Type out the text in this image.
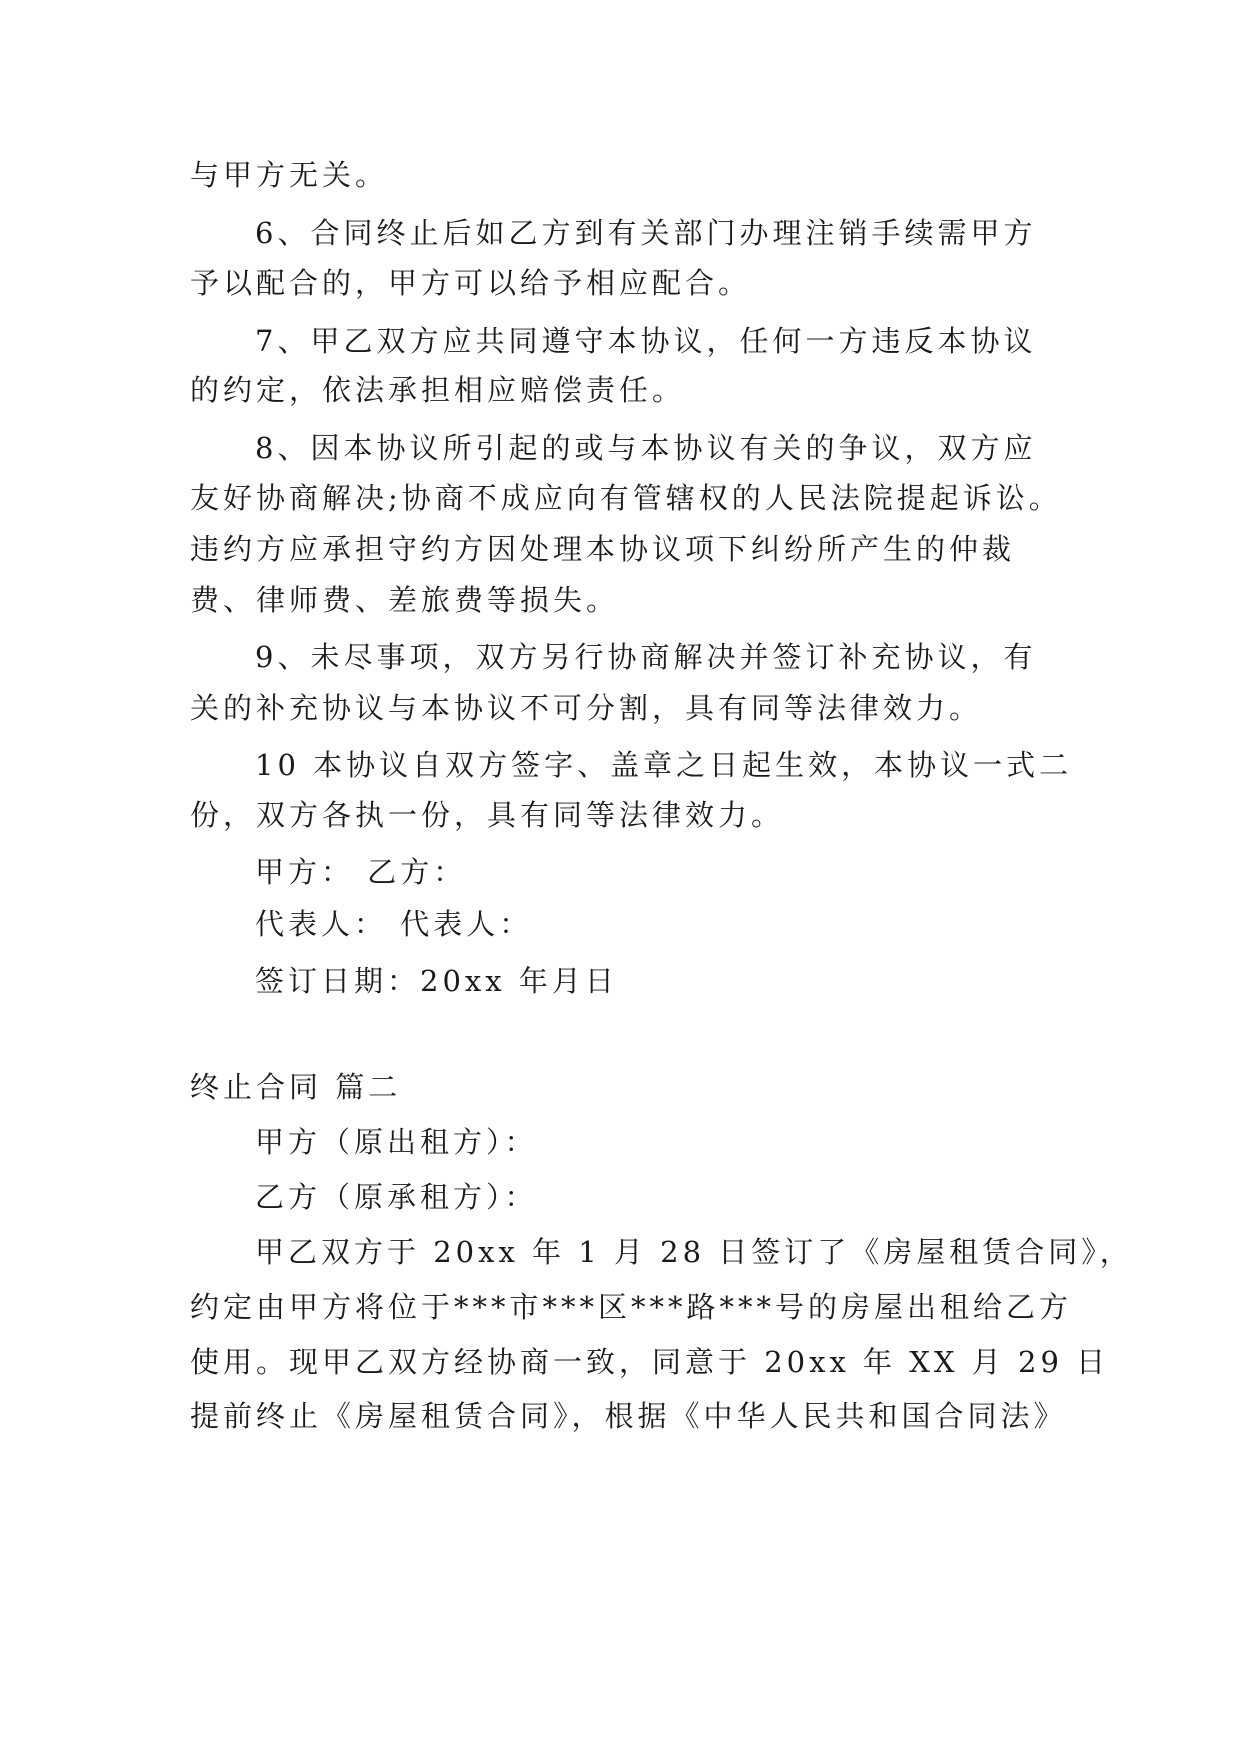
与甲方无关。
6、合同终止后如乙方到有关部门办理注销手续需甲方
予以配合的，甲方可以给予相应配合。
7、甲乙双方应共同遵守本协议，任何一方违反本协议
的约定，依法承担相应赔偿责任。
8、因本协议所引起的或与本协议有关的争议，双方应
友好协商解决;协商不成应向有管辖权的人民法院提起诉讼。
违约方应承担守约方因处理本协议项下纠纷所产生的仲裁
费、律师费、差旅费等损失。
9、未尽事项，双方另行协商解决并签订补充协议，有
关的补充协议与本协议不可分割，具有同等法律效力。
10 本协议自双方签字、盖章之日起生效，本协议一式二
份，双方各执一份，具有同等法律效力。
甲方： 乙方：
代表人： 代表人：
签订日期：20xx 年月日
终止合同 篇二
甲方（原出租方）：
乙方（原承租方）：
甲乙双方于 20xx 年 1 月 28 日签订了《房屋租赁合同》，
约定由甲方将位于***市***区***路***号的房屋出租给乙方
使用。现甲乙双方经协商一致，同意于 20xx 年 XX 月 29 日
提前终止《房屋租赁合同》，根据《中华人民共和国合同法》
